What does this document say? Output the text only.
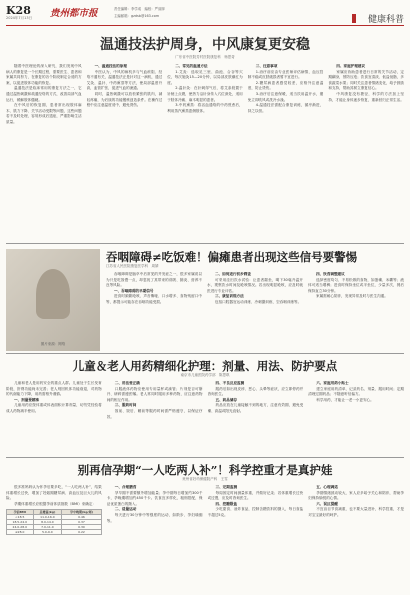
K28
2024年7月13日 贵州都市报	责任编辑：李学成　编校：严丽萍
主编邮箱：gzdsb@163.com	健康科普
温通技法护周身，中风康复更安稳
广东省中医院芳村医院康复科　杨思奇

随着中医理论的深入研究，我们发现中风病人的康复是一个长期过程，需要医生、患者和家属共同努力，在康复的各个阶段制定合适的方案，以促进肢体功能的恢复。

温通技法是临床常用的康复方法之一，它通过温热刺激和疏通经络的方式，改善局部气血运行，缓解肢体僵硬。

在中风后的恢复期，患者常出现肢体麻木、肌力下降、关节活动受限等问题，这些问题若不及时处理，容易形成后遗症，严重影响生活质量。

一、温通技法的原理

中医认为，中风的病机多与气血瘀阻、经络不通有关，温通技法正是针对这一病机，通过艾灸、温针、中药熏蒸等方法，使局部温度升高，血管扩张，促进气血的流通。

同时，温热刺激可以放松紧张的肌肉，减轻疼痛，为后续的功能锻炼创造条件。在操作过程中应注意温度适中，避免烫伤。

二、常见的温通方法

1.艾灸：选取足三里、曲池、合谷等穴位，每次施灸15—20分钟，以局部皮肤潮红为度。

2.温针灸：在针刺得气后，将艾条段置于针柄上点燃，使热力沿针身传入穴位深处，适用于肢体冷痛、麻木明显的患者。

3.中药熏蒸：将活血通络的中药煎煮后，利用蒸汽熏蒸患侧肢体。

三、注意事项

1.治疗前应由专业医师评估病情，血压控制不稳或皮肤破损者暂不宜进行。

2.糖尿病患者感觉较差，应格外注意温度，防止烫伤。

3.治疗后注意保暖，适当饮用温开水，避免立即吹风或洗冷水澡。

4.温通技法需配合康复训练，循序渐进，持之以恒。

四、家庭护理建议

家属应协助患者进行日常的关节活动，定期翻身，预防压疮；饮食宜清淡、低盐低脂，多食蔬菜水果；同时关注患者情绪变化，给予鼓励和支持，帮助其树立康复信心。

中风康复没有捷径，科学的方法加上坚持，才能让身体逐步恢复，重新回归正常生活。

图片来源：网络
吞咽障碍≠吃饭难！偏瘫患者出现这些信号要警惕
江苏省人民医院康复医学科　周婧

吞咽障碍是脑卒中后常见的并发症之一，很多家属误以为只是吃饭慢一点，却忽视了其带来的误吸、肺炎、营养不良等风险。

一、吞咽障碍的早期信号

进食时频繁呛咳、声音嘶哑、口水增多、食物残留口中等，都提示可能存在吞咽功能受损。

二、如何进行初步筛查

可采用洼田饮水试验：让患者端坐，喝下30毫升温开水，观察饮水时间及呛咳情况。若出现明显呛咳，应及时就医进行专业评估。

三、康复训练方法

包括口腔器官运动训练、冷刺激训练、空吞咽训练等。

四、饮食调整建议

选择密度均匀、不易松散的食物，如蛋羹、米糊等；液体可适当增稠；进食时保持坐位或半坐位，少量多次，餐后保持直立30分钟。

家属需耐心陪伴，发现异常及时与医生沟通。

儿童＆老人用药精细化护理：剂量、用法、防护要点
南京市儿童医院药学部　陈思琪

儿童和老人是用药安全的重点人群。儿童处于生长发育阶段，肝肾功能尚未完善；老人则因机体功能衰退，对药物的代谢能力下降，用药需格外谨慎。

一、剂量要精准

儿童用药应按体重或体表面积计算剂量，切勿凭经验将成人药物减半使用。

二、用法要正确

口服液体药物应使用专用量杯或滴管；片剂是否可掰开、研碎需遵医嘱。老人常同时服用多种药物，应注意药物间的相互作用。

三、服药时间

饭前、饭后、睡前等服药时间需严格遵守，以保证疗效。

四、不良反应监测

服药后如出现皮疹、恶心、头晕等症状，应立即停药并咨询医生。

五、药品储存

药品应放在儿童接触不到的地方，注意有效期，避免受潮、高温或阳光直射。

六、家庭用药小贴士

建立家庭用药清单，记录药名、剂量、服用时间；定期清理过期药品；不随意听信偏方。

科学用药，才能让一老一小更安心。

别再信孕期“一人吃两人补”！科学控重才是真护娃
贵州省妇幼保健院产科　王雪

很多准妈妈认为怀孕后要多吃，“一人吃两人补”，结果体重增长过快，增加了妊娠期糖尿病、高血压及巨大儿的风险。

孕期体重增长应根据孕前体质指数（BMI）来确定：

孕前BMI	总增重(kg)	孕中晚期(kg/周)
<18.5	11.0-16.0	0.46
18.5-24.0	8.0-14.0	0.37
24.0-28.0	7.0-11.0	0.30
≥28.0	5.0-9.0	0.22

一、合理膳食

孕早期不需要额外增加能量；孕中期每日增加约300千卡，孕晚期增加约450千卡。饮食宜多样化，粗细搭配，保证优质蛋白的摄入。

二、适量运动

每天进行30分钟中等强度的运动，如散步、孕妇瑜伽等。

三、定期监测

每周固定时间测量体重，并做好记录；若体重增长过快或过慢，应及时咨询医生。

四、控糖限盐

少吃甜食、油炸食品，控制含糖饮料的摄入，每日食盐不超过5克。

五、心理调适

孕期情绪波动较大，家人应多给予关心和陪伴，帮助孕妇保持愉悦的心情。

六、误区提醒

不宜盲目节食减重，也不要大量进补，科学控重，才是对宝宝最好的呵护。
